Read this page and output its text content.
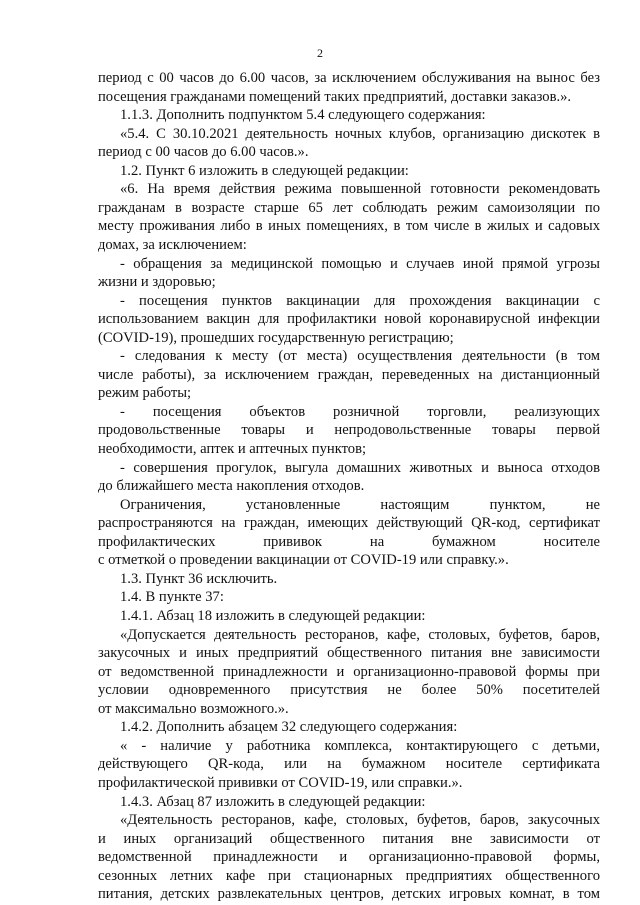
2
период с 00 часов до 6.00 часов, за исключением обслуживания на вынос без
посещения гражданами помещений таких предприятий, доставки заказов.».
1.1.3. Дополнить подпунктом 5.4 следующего содержания:
«5.4. С 30.10.2021 деятельность ночных клубов, организацию дискотек в
период с 00 часов до 6.00 часов.».
1.2. Пункт 6 изложить в следующей редакции:
«6. На время действия режима повышенной готовности рекомендовать
гражданам в возрасте старше 65 лет соблюдать режим самоизоляции по
месту проживания либо в иных помещениях, в том числе в жилых и садовых
домах, за исключением:
- обращения за медицинской помощью и случаев иной прямой угрозы
жизни и здоровью;
- посещения пунктов вакцинации для прохождения вакцинации с
использованием вакцин для профилактики новой коронавирусной инфекции
(COVID-19), прошедших государственную регистрацию;
- следования к месту (от места) осуществления деятельности (в том
числе работы), за исключением граждан, переведенных на дистанционный
режим работы;
- посещения объектов розничной торговли, реализующих
продовольственные товары и непродовольственные товары первой
необходимости, аптек и аптечных пунктов;
- совершения прогулок, выгула домашних животных и выноса отходов
до ближайшего места накопления отходов.
Ограничения, установленные настоящим пунктом, не
распространяются на граждан, имеющих действующий QR-код, сертификат
профилактических прививок на бумажном носителе
с отметкой о проведении вакцинации от COVID-19 или справку.».
1.3. Пункт 36 исключить.
1.4. В пункте 37:
1.4.1. Абзац 18 изложить в следующей редакции:
«Допускается деятельность ресторанов, кафе, столовых, буфетов, баров,
закусочных и иных предприятий общественного питания вне зависимости
от ведомственной принадлежности и организационно-правовой формы при
условии одновременного присутствия не более 50% посетителей
от максимально возможного.».
1.4.2. Дополнить абзацем 32 следующего содержания:
« - наличие у работника комплекса, контактирующего с детьми,
действующего QR-кода, или на бумажном носителе сертификата
профилактической прививки от COVID-19, или справки.».
1.4.3. Абзац 87 изложить в следующей редакции:
«Деятельность ресторанов, кафе, столовых, буфетов, баров, закусочных
и иных организаций общественного питания вне зависимости от
ведомственной принадлежности и организационно-правовой формы,
сезонных летних кафе при стационарных предприятиях общественного
питания, детских развлекательных центров, детских игровых комнат, в том
